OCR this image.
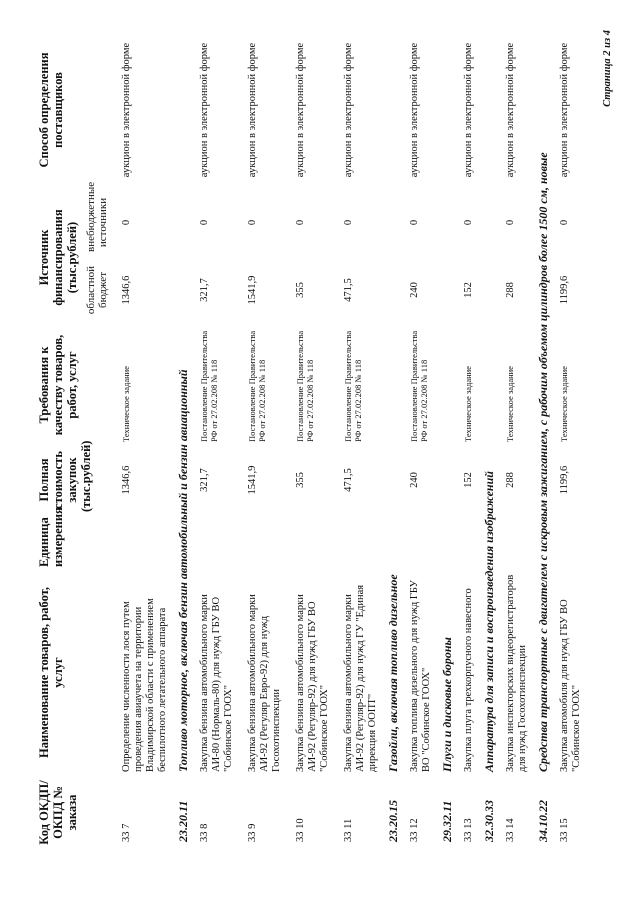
Код ОКДП/ ОКПД № заказа	Наименование товаров, работ, услуг	Единица измерения	Полная стоимость закупок (тыс.рублей)	Требования к качеству товаров, работ, услуг	Источник финансирования (тыс.рублей)		Способ определения поставщиков
					областной бюджет	внебюджетные источники	
33 7	Определение численности лося путем проведения авиаучета на территории Владимирской области с применением беспилотного летательного аппарата		1346,6	Техническое задание	1346,6	0	аукцион в электронной форме
23.20.11	Топливо моторное, включая бензин автомобильный и бензин авиационный						
33 8	Закупка бензина автомобильного марки АИ-80 (Нормаль-80) для нужд ГБУ ВО "Собинское ГООХ"		321,7	Постановление Правительства РФ от 27.02.208 № 118	321,7	0	аукцион в электронной форме
33 9	Закупка бензина автомобильного марки АИ-92 (Регуляр Евро-92) для нужд Госохотинспекции		1541,9	Постановление Правительства РФ от 27.02.208 № 118	1541,9	0	аукцион в электронной форме
33 10	Закупка бензина автомобильного марки АИ-92 (Регуляр-92) для нужд ГБУ ВО "Собинское ГООХ"		355	Постановление Правительства РФ от 27.02.208 № 118	355	0	аукцион в электронной форме
33 11	Закупка бензина автомобильного марки АИ-92 (Регуляр-92) для нужд ГУ "Единая дирекция ООПТ"		471,5	Постановление Правительства РФ от 27.02.208 № 118	471,5	0	аукцион в электронной форме
23.20.15	Газойли, включая топливо дизельное						
33 12	Закупка топлива дизельного для нужд ГБУ ВО "Собинское ГООХ"		240	Постановление Правительства РФ от 27.02.208 № 118	240	0	аукцион в электронной форме
29.32.11	Плуги и дисковые бороны						
33 13	Закупка плуга трехкорпусного навесного		152	Техническое задание	152	0	аукцион в электронной форме
32.30.33	Аппаратура для записи и воспроизведения изображений						
33 14	Закупка инспекторских видеорегистраторов для нужд Госохотинспекции		288	Техническое задание	288	0	аукцион в электронной форме
34.10.22	Средства транспортные с двигателем с искровым зажиганием, с рабочим объемом цилиндров более 1500 см, новые						
33 15	Закупка автомобиля для нужд ГБУ ВО "Собинское ГООХ"		1199,6	Техническое задание	1199,6	0	аукцион в электронной форме	Страница 2 из 4
